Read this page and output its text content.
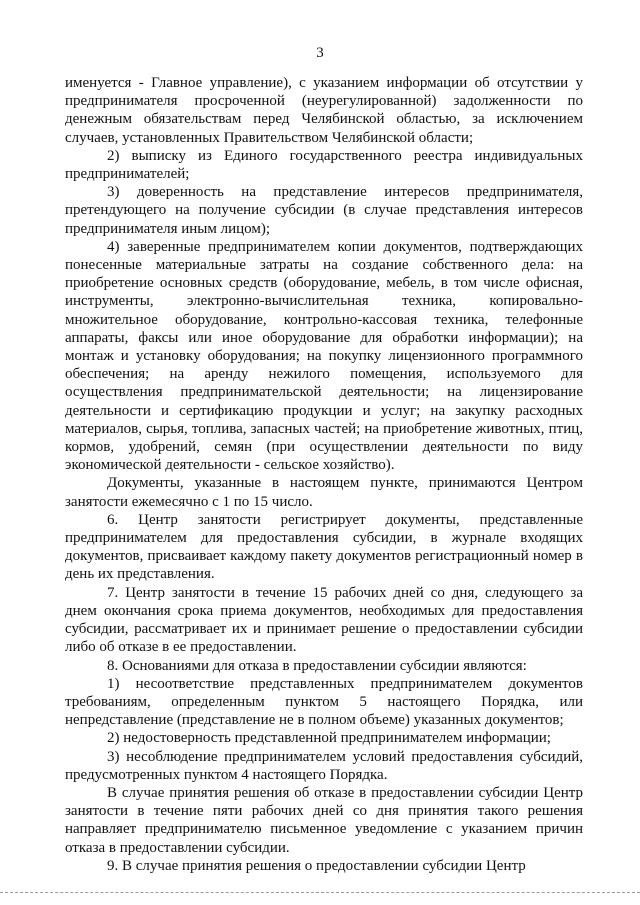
3

именуется - Главное управление), с указанием информации об отсутствии у предпринимателя просроченной (неурегулированной) задолженности по денежным обязательствам перед Челябинской областью, за исключением случаев, установленных Правительством Челябинской области;

2) выписку из Единого государственного реестра индивидуальных предпринимателей;

3) доверенность на представление интересов предпринимателя, претендующего на получение субсидии (в случае представления интересов предпринимателя иным лицом);

4) заверенные предпринимателем копии документов, подтверждающих понесенные материальные затраты на создание собственного дела: на приобретение основных средств (оборудование, мебель, в том числе офисная, инструменты, электронно-вычислительная техника, копировально-множительное оборудование, контрольно-кассовая техника, телефонные аппараты, факсы или иное оборудование для обработки информации); на монтаж и установку оборудования; на покупку лицензионного программного обеспечения; на аренду нежилого помещения, используемого для осуществления предпринимательской деятельности; на лицензирование деятельности и сертификацию продукции и услуг; на закупку расходных материалов, сырья, топлива, запасных частей; на приобретение животных, птиц, кормов, удобрений, семян (при осуществлении деятельности по виду экономической деятельности - сельское хозяйство).

Документы, указанные в настоящем пункте, принимаются Центром занятости ежемесячно с 1 по 15 число.

6. Центр занятости регистрирует документы, представленные предпринимателем для предоставления субсидии, в журнале входящих документов, присваивает каждому пакету документов регистрационный номер в день их представления.

7. Центр занятости в течение 15 рабочих дней со дня, следующего за днем окончания срока приема документов, необходимых для предоставления субсидии, рассматривает их и принимает решение о предоставлении субсидии либо об отказе в ее предоставлении.

8. Основаниями для отказа в предоставлении субсидии являются:

1) несоответствие представленных предпринимателем документов требованиям, определенным пунктом 5 настоящего Порядка, или непредставление (представление не в полном объеме) указанных документов;

2) недостоверность представленной предпринимателем информации;

3) несоблюдение предпринимателем условий предоставления субсидий, предусмотренных пунктом 4 настоящего Порядка.

В случае принятия решения об отказе в предоставлении субсидии Центр занятости в течение пяти рабочих дней со дня принятия такого решения направляет предпринимателю письменное уведомление с указанием причин отказа в предоставлении субсидии.

9. В случае принятия решения о предоставлении субсидии Центр
